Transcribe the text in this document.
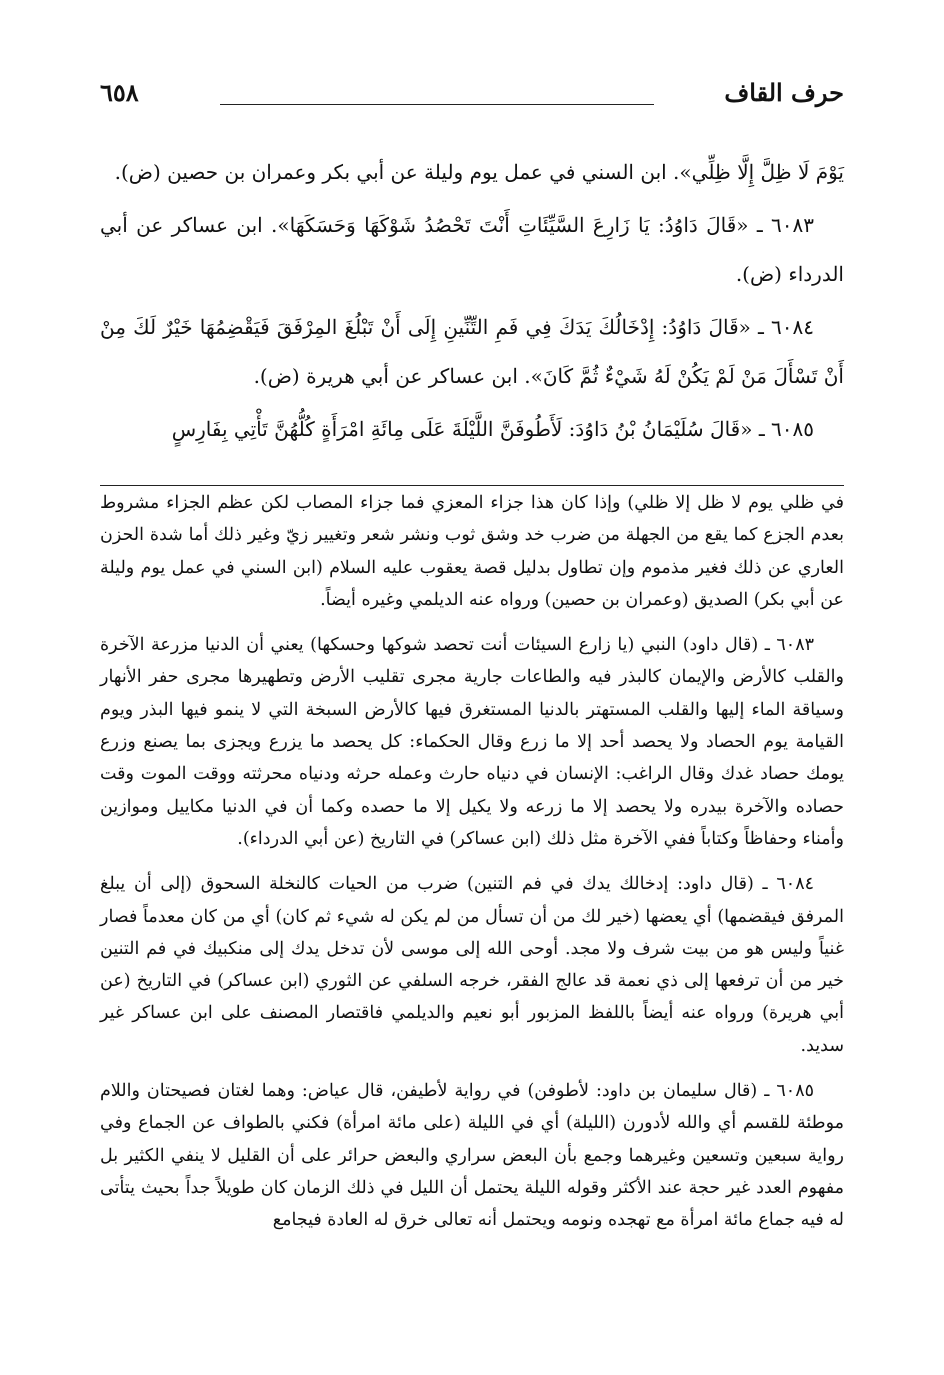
حرف القاف
٦٥٨

يَوْمَ لَا ظِلَّ إِلَّا ظِلِّي». ابن السني في عمل يوم وليلة عن أبي بكر وعمران بن حصين (ض).

٦٠٨٣ ـ «قَالَ دَاوُدُ: يَا زَارِعَ السَّيِّئَاتِ أَنْتَ تَحْصُدُ شَوْكَهَا وَحَسَكَهَا». ابن عساكر عن أبي الدرداء (ض).

٦٠٨٤ ـ «قَالَ دَاوُدُ: إِدْخَالُكَ يَدَكَ فِي فَمِ التِّنِّينِ إِلَى أَنْ تَبْلُغَ المِرْفَقَ فَيَقْضِمُهَا خَيْرٌ لَكَ مِنْ أَنْ تَسْأَلَ مَنْ لَمْ يَكُنْ لَهُ شَيْءٌ ثُمَّ كَانَ». ابن عساكر عن أبي هريرة (ض).

٦٠٨٥ ـ «قَالَ سُلَيْمَانُ بْنُ دَاوُدَ: لَأَطُوفَنَّ اللَّيْلَةَ عَلَى مِائَةِ امْرَأَةٍ كُلُّهُنَّ تَأْتِي بِفَارِسٍ

في ظلي يوم لا ظل إلا ظلي) وإذا كان هذا جزاء المعزي فما جزاء المصاب لكن عظم الجزاء مشروط بعدم الجزع كما يقع من الجهلة من ضرب خد وشق ثوب ونشر شعر وتغيير زيّ وغير ذلك أما شدة الحزن العاري عن ذلك فغير مذموم وإن تطاول بدليل قصة يعقوب عليه السلام (ابن السني في عمل يوم وليلة عن أبي بكر) الصديق (وعمران بن حصين) ورواه عنه الديلمي وغيره أيضاً.

٦٠٨٣ ـ (قال داود) النبي (يا زارع السيئات أنت تحصد شوكها وحسكها) يعني أن الدنيا مزرعة الآخرة والقلب كالأرض والإيمان كالبذر فيه والطاعات جارية مجرى تقليب الأرض وتطهيرها مجرى حفر الأنهار وسياقة الماء إليها والقلب المستهتر بالدنيا المستغرق فيها كالأرض السبخة التي لا ينمو فيها البذر ويوم القيامة يوم الحصاد ولا يحصد أحد إلا ما زرع وقال الحكماء: كل يحصد ما يزرع ويجزى بما يصنع وزرع يومك حصاد غدك وقال الراغب: الإنسان في دنياه حارث وعمله حرثه ودنياه محرثته ووقت الموت وقت حصاده والآخرة بيدره ولا يحصد إلا ما زرعه ولا يكيل إلا ما حصده وكما أن في الدنيا مكاييل وموازين وأمناء وحفاظاً وكتاباً ففي الآخرة مثل ذلك (ابن عساكر) في التاريخ (عن أبي الدرداء).

٦٠٨٤ ـ (قال داود: إدخالك يدك في فم التنين) ضرب من الحيات كالنخلة السحوق (إلى أن يبلغ المرفق فيقضمها) أي يعضها (خير لك من أن تسأل من لم يكن له شيء ثم كان) أي من كان معدماً فصار غنياً وليس هو من بيت شرف ولا مجد. أوحى الله إلى موسى لأن تدخل يدك إلى منكبيك في فم التنين خير من أن ترفعها إلى ذي نعمة قد عالج الفقر، خرجه السلفي عن الثوري (ابن عساكر) في التاريخ (عن أبي هريرة) ورواه عنه أيضاً باللفظ المزبور أبو نعيم والديلمي فاقتصار المصنف على ابن عساكر غير سديد.

٦٠٨٥ ـ (قال سليمان بن داود: لأطوفن) في رواية لأطيفن، قال عياض: وهما لغتان فصيحتان واللام موطئة للقسم أي والله لأدورن (الليلة) أي في الليلة (على مائة امرأة) فكني بالطواف عن الجماع وفي رواية سبعين وتسعين وغيرهما وجمع بأن البعض سراري والبعض حرائر على أن القليل لا ينفي الكثير بل مفهوم العدد غير حجة عند الأكثر وقوله الليلة يحتمل أن الليل في ذلك الزمان كان طويلاً جداً بحيث يتأتى له فيه جماع مائة امرأة مع تهجده ونومه ويحتمل أنه تعالى خرق له العادة فيجامع
